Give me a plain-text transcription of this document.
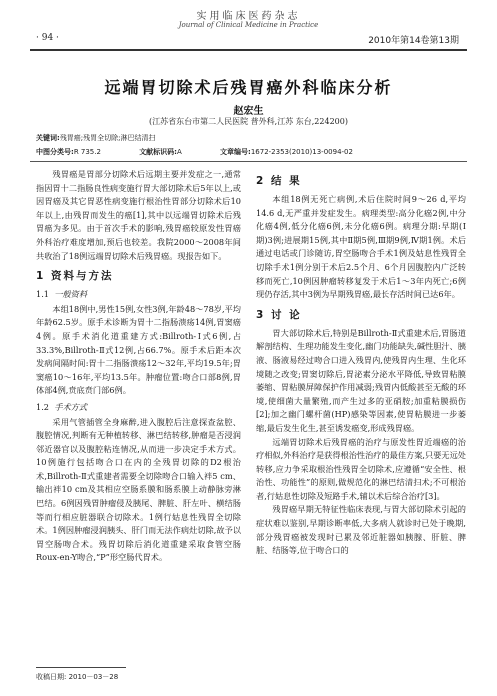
实用临床医药杂志
Journal of Clinical Medicine in Practice
· 94 ·	2010年第14卷第13期
远端胃切除术后残胃癌外科临床分析
赵宏生
(江苏省东台市第二人民医院 普外科,江苏 东台,224200)
关键词:残胃癌;残胃全切除;淋巴结清扫
中图分类号:R 735.2	文献标识码:A	文章编号:1672-2353(2010)13-0094-02

残胃癌是胃部分切除术后远期主要并发症之一,通常指因胃十二指肠良性病变施行胃大部切除术后5年以上,或因胃癌及其它胃恶性病变施行根治性胃部分切除术后10年以上,由残胃而发生的癌[1],其中以远端胃切除术后残胃癌为多见。由于首次手术的影响,残胃癌较原发性胃癌外科治疗难度增加,预后也较差。我院2000～2008年间共收治了18例远端胃切除术后残胃癌。现报告如下。

1 资料与方法
1.1 一般资料

本组18例中,男性15例,女性3例,年龄48～78岁,平均年龄62.5岁。原手术诊断为胃十二指肠溃疡14例,胃窦癌4例。原手术消化道重建方式:Billroth-Ⅰ式6例,占33.3%,Billroth-Ⅱ式12例,占66.7%。原手术后距本次发病间隔时间:胃十二指肠溃疡12～32年,平均19.5年;胃窦癌10～16年,平均13.5年。肿瘤位置:吻合口部8例,胃体部4例,贲底贲门部6例。

1.2 手术方式

采用气管插管全身麻醉,进入腹腔后注意探查盆腔、腹腔情况,判断有无种植转移、淋巴结转移,肿瘤是否浸润邻近器官以及腹腔粘连情况,从而进一步决定手术方式。10例施行包括吻合口在内的全残胃切除的D2根治术,Billroth-Ⅱ式重建者需要全切除吻合口输入袢5 cm、输出袢10 cm及其相应空肠系膜和肠系膜上动静脉旁淋巴结。6例因残胃肿瘤侵及胰尾、脾脏、肝左叶、横结肠等而行相应脏器联合切除术。1例行姑息性残胃全切除术。1例因肿瘤浸润胰头、肝门而无法作病灶切除,故予以胃空肠吻合术。残胃切除后消化道重建采取食管空肠Roux-en-Y吻合,“P”形空肠代胃术。

2 结 果

本组18例无死亡病例,术后住院时间9～26 d,平均14.6 d,无严重并发症发生。病理类型:高分化癌2例,中分化癌4例,低分化癌6例,未分化癌6例。病理分期:早期(Ⅰ期)3例;进展期15例,其中Ⅱ期5例,Ⅲ期9例,Ⅳ期1例。术后通过电话或门诊随访,胃空肠吻合手术1例及姑息性残胃全切除手术1例分别于术后2.5个月、6个月因腹腔内广泛转移而死亡,10例因肿瘤转移复发于术后1～3年内死亡;6例现仍存活,其中3例为早期残胃癌,最长存活时间已达6年。

3 讨 论

胃大部切除术后,特别是Billroth-Ⅱ式重建术后,胃肠道解剖结构、生理功能发生变化,幽门功能缺失,碱性胆汁、胰液、肠液易经过吻合口进入残胃内,使残胃内生理、生化环境随之改变;胃窦切除后,胃泌素分泌水平降低,导致胃粘膜萎缩、胃粘膜屏障保护作用减弱;残胃内低酸甚至无酸的环境,使细菌大量繁殖,而产生过多的亚硝胺;加重粘膜损伤[2];加之幽门螺杆菌(HP)感染等因素,使胃粘膜进一步萎缩,最后发生化生,甚至诱发癌变,形成残胃癌。

远端胃切除术后残胃癌的治疗与原发性胃近端癌的治疗相似,外科治疗是获得根治性治疗的最佳方案,只要无远处转移,应力争采取根治性残胃全切除术,应遵循“安全性、根治性、功能性”的原则,做规范化的淋巴结清扫术;不可根治者,行姑息性切除及短路手术,辅以术后综合治疗[3]。

残胃癌早期无特征性临床表现,与胃大部切除术引起的症状难以鉴别,早期诊断率低,大多病人就诊时已处于晚期,部分残胃癌被发现时已累及邻近脏器如胰腺、肝脏、脾脏、结肠等,位于吻合口的

收稿日期: 2010－03－28
